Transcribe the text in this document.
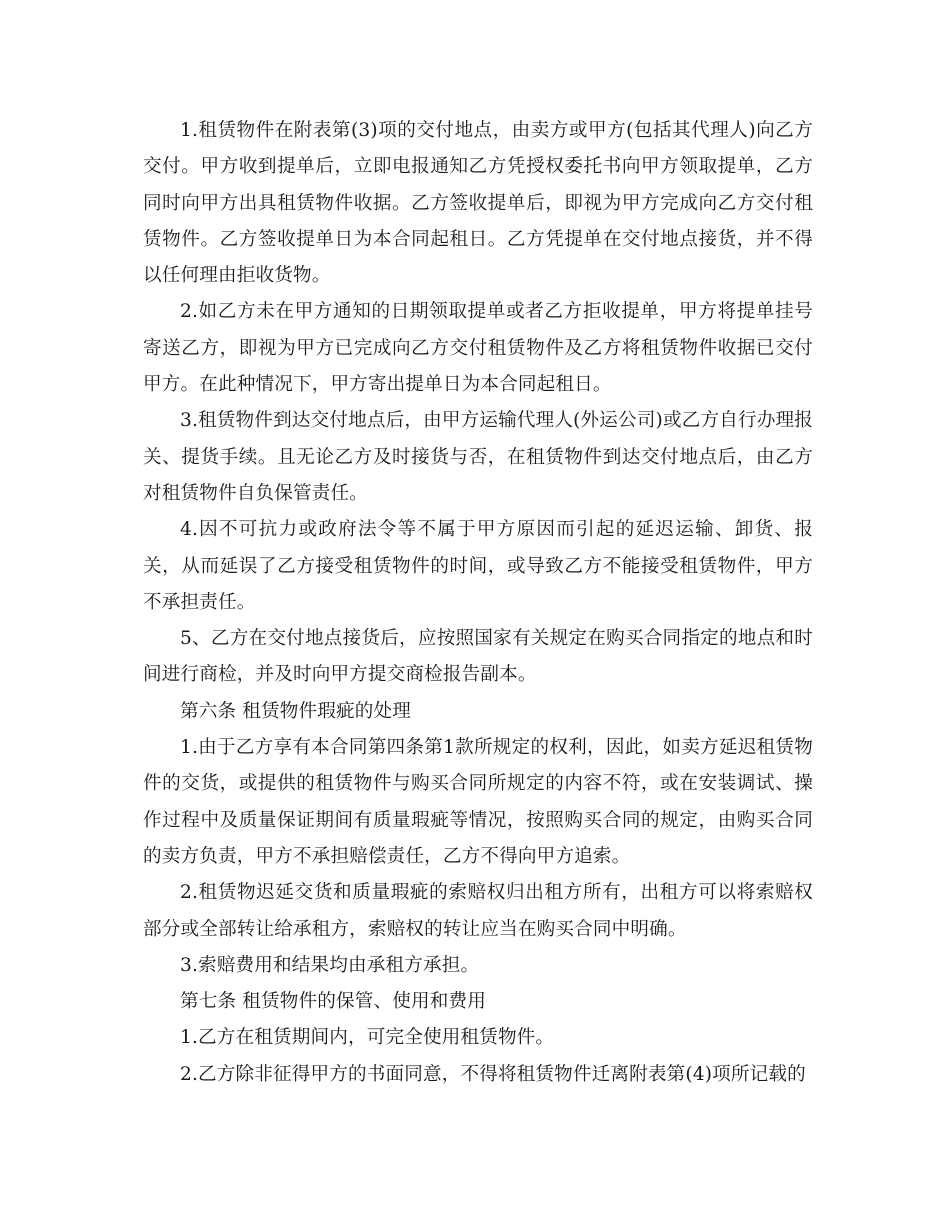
1.租赁物件在附表第(3)项的交付地点，由卖方或甲方(包括其代理人)向乙方交付。甲方收到提单后，立即电报通知乙方凭授权委托书向甲方领取提单，乙方同时向甲方出具租赁物件收据。乙方签收提单后，即视为甲方完成向乙方交付租赁物件。乙方签收提单日为本合同起租日。乙方凭提单在交付地点接货，并不得以任何理由拒收货物。

2.如乙方未在甲方通知的日期领取提单或者乙方拒收提单，甲方将提单挂号寄送乙方，即视为甲方已完成向乙方交付租赁物件及乙方将租赁物件收据已交付甲方。在此种情况下，甲方寄出提单日为本合同起租日。

3.租赁物件到达交付地点后，由甲方运输代理人(外运公司)或乙方自行办理报关、提货手续。且无论乙方及时接货与否，在租赁物件到达交付地点后，由乙方对租赁物件自负保管责任。

4.因不可抗力或政府法令等不属于甲方原因而引起的延迟运输、卸货、报关，从而延误了乙方接受租赁物件的时间，或导致乙方不能接受租赁物件，甲方不承担责任。

5、乙方在交付地点接货后，应按照国家有关规定在购买合同指定的地点和时间进行商检，并及时向甲方提交商检报告副本。

第六条 租赁物件瑕疵的处理

1.由于乙方享有本合同第四条第1款所规定的权利，因此，如卖方延迟租赁物件的交货，或提供的租赁物件与购买合同所规定的内容不符，或在安装调试、操作过程中及质量保证期间有质量瑕疵等情况，按照购买合同的规定，由购买合同的卖方负责，甲方不承担赔偿责任，乙方不得向甲方追索。

2.租赁物迟延交货和质量瑕疵的索赔权归出租方所有，出租方可以将索赔权部分或全部转让给承租方，索赔权的转让应当在购买合同中明确。

3.索赔费用和结果均由承租方承担。

第七条 租赁物件的保管、使用和费用

1.乙方在租赁期间内，可完全使用租赁物件。

2.乙方除非征得甲方的书面同意，不得将租赁物件迁离附表第(4)项所记载的
